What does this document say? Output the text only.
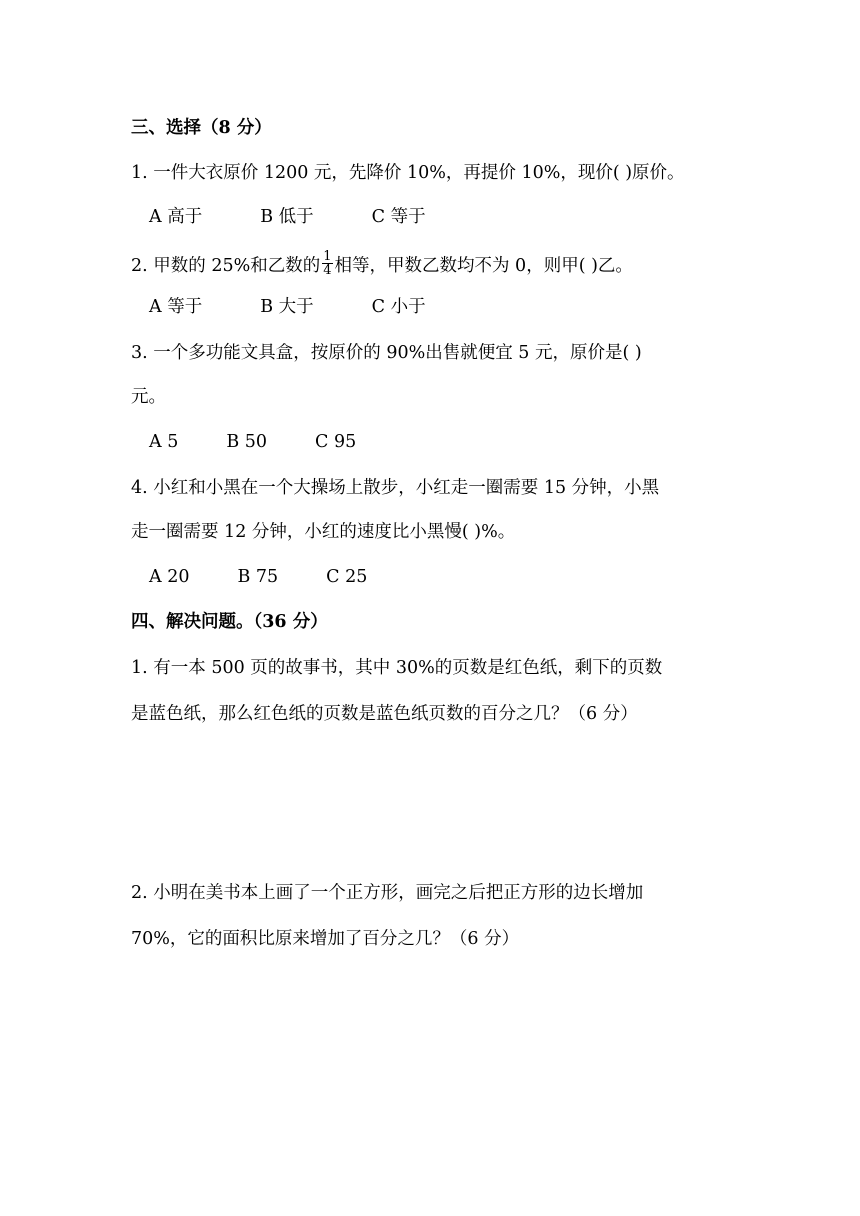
三、选择（8 分）
1. 一件大衣原价 1200 元，先降价 10%，再提价 10%，现价( )原价。
A 高于	B 低于	C 等于
2. 甲数的 25%和乙数的 $\frac{1}{4}$ 相等，甲数乙数均不为 0，则甲( )乙。
A 等于	B 大于	C 小于
3. 一个多功能文具盒，按原价的 90%出售就便宜 5 元，原价是( )
元。
A 5	B 50	C 95
4. 小红和小黑在一个大操场上散步，小红走一圈需要 15 分钟，小黑
走一圈需要 12 分钟，小红的速度比小黑慢( )%。
A 20	B 75	C 25
四、解决问题。（36 分）
1. 有一本 500 页的故事书，其中 30%的页数是红色纸，剩下的页数
是蓝色纸，那么红色纸的页数是蓝色纸页数的百分之几？（6 分）
2. 小明在美书本上画了一个正方形，画完之后把正方形的边长增加
70%，它的面积比原来增加了百分之几？（6 分）
